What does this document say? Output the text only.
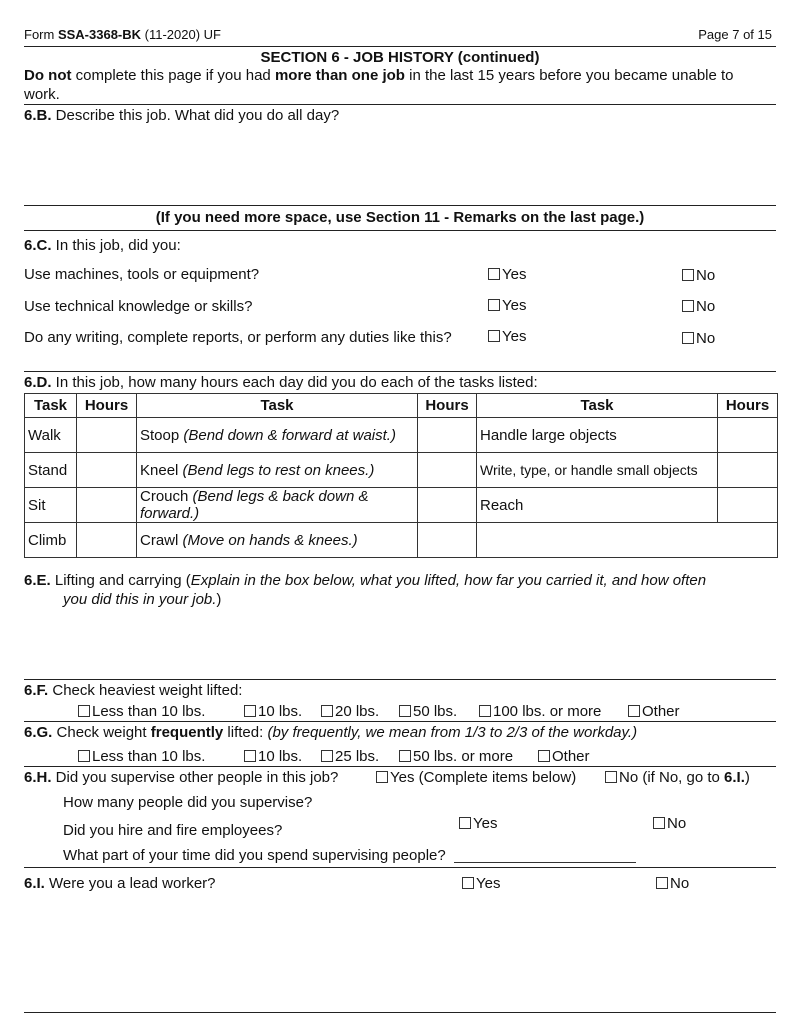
Form SSA-3368-BK (11-2020) UF	Page 7 of 15
SECTION 6 - JOB HISTORY (continued)
Do not complete this page if you had more than one job in the last 15 years before you became unable to
work.
6.B. Describe this job. What did you do all day?
(If you need more space, use Section 11 - Remarks on the last page.)
6.C. In this job, did you:
Use machines, tools or equipment?	Yes	No
Use technical knowledge or skills?	Yes	No
Do any writing, complete reports, or perform any duties like this?	Yes	No
6.D. In this job, how many hours each day did you do each of the tasks listed:
Task	Hours	Task	Hours	Task	Hours
Walk		Stoop (Bend down & forward at waist.)		Handle large objects	
Stand		Kneel (Bend legs to rest on knees.)		Write, type, or handle small objects	
Sit		Crouch (Bend legs & back down & forward.)		Reach	
Climb		Crawl (Move on hands & knees.)			
6.E. Lifting and carrying (Explain in the box below, what you lifted, how far you carried it, and how often
you did this in your job.)
6.F. Check heaviest weight lifted:
Less than 10 lbs.	10 lbs.	20 lbs.	50 lbs.	100 lbs. or more	Other
6.G. Check weight frequently lifted: (by frequently, we mean from 1/3 to 2/3 of the workday.)
Less than 10 lbs.	10 lbs.	25 lbs.	50 lbs. or more	Other
6.H. Did you supervise other people in this job?	Yes (Complete items below)	No (if No, go to 6.I.)
How many people did you supervise?
Did you hire and fire employees?	Yes	No
What part of your time did you spend supervising people?
6.I. Were you a lead worker?	Yes	No
